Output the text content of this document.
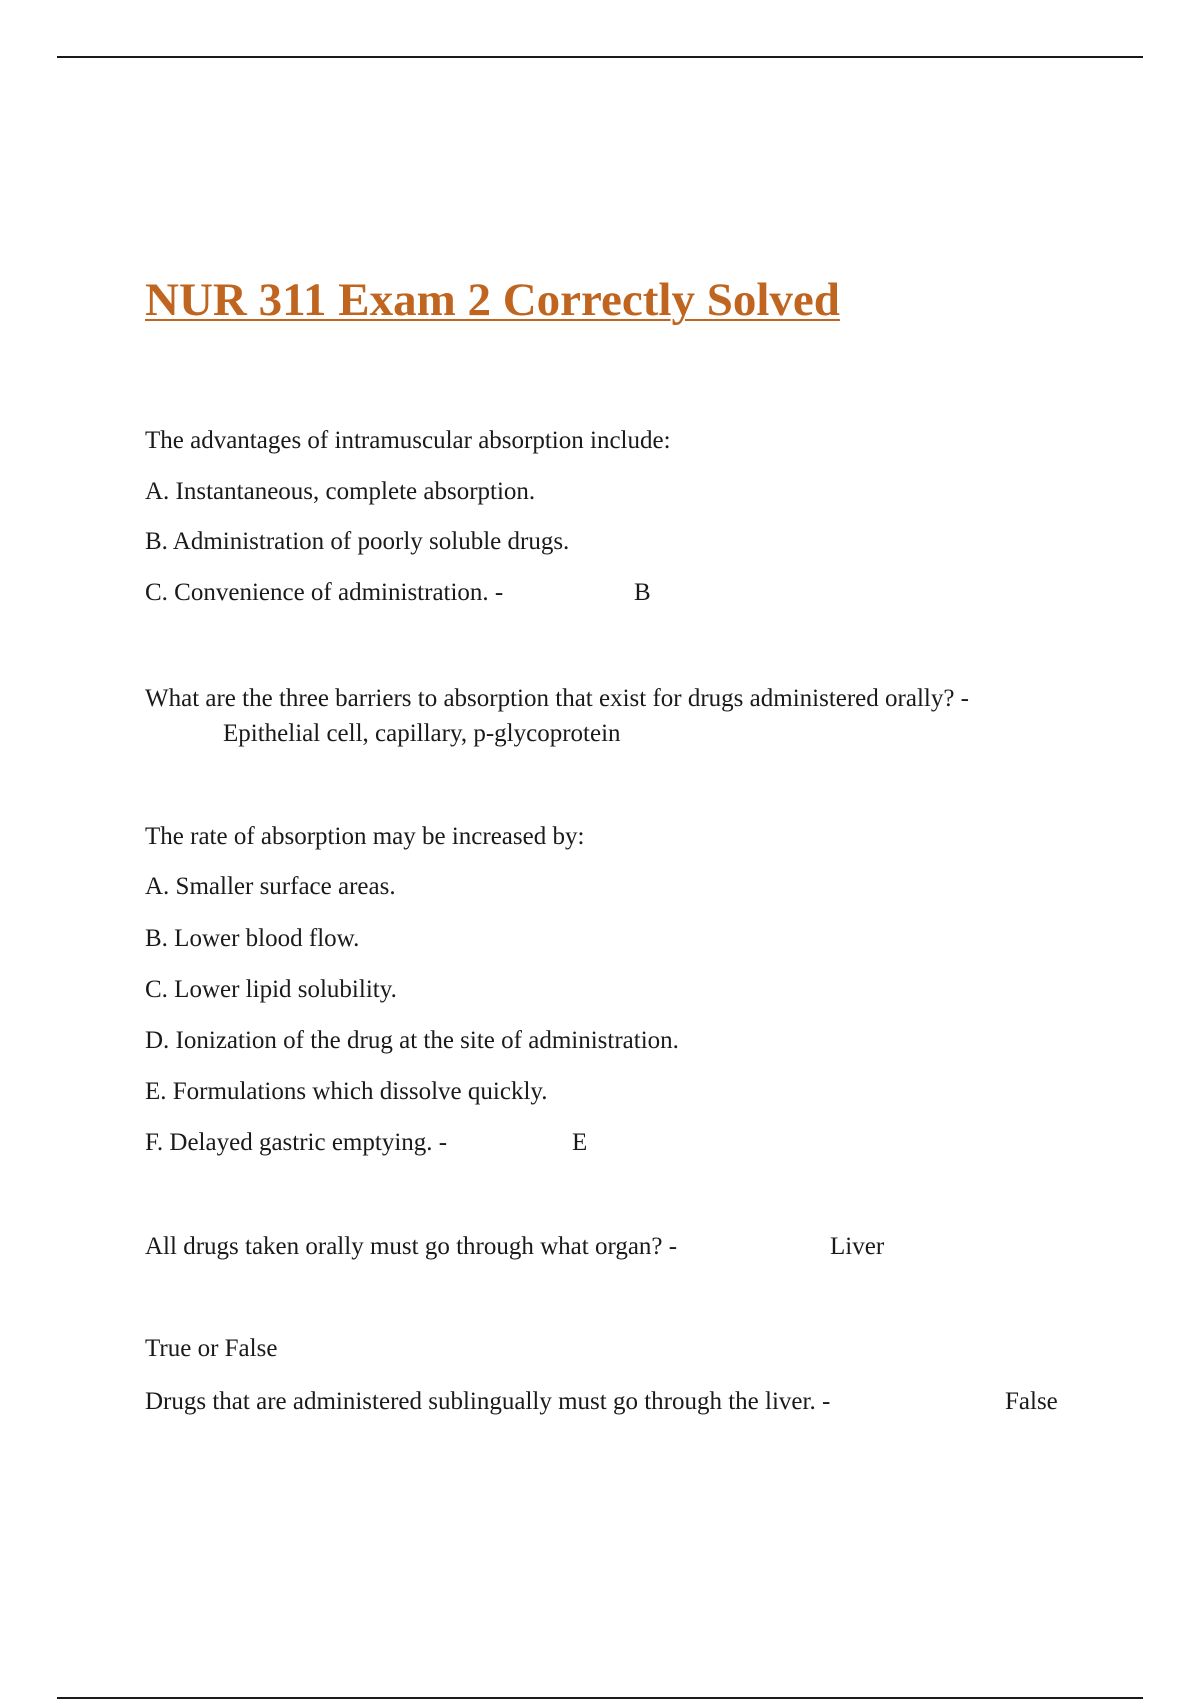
NUR 311 Exam 2 Correctly Solved
The advantages of intramuscular absorption include:
A. Instantaneous, complete absorption.
B. Administration of poorly soluble drugs.
C. Convenience of administration. -	B
What are the three barriers to absorption that exist for drugs administered orally? -
Epithelial cell, capillary, p-glycoprotein
The rate of absorption may be increased by:
A. Smaller surface areas.
B. Lower blood flow.
C. Lower lipid solubility.
D. Ionization of the drug at the site of administration.
E. Formulations which dissolve quickly.
F. Delayed gastric emptying. -	E
All drugs taken orally must go through what organ? -	Liver
True or False
Drugs that are administered sublingually must go through the liver. -	False
